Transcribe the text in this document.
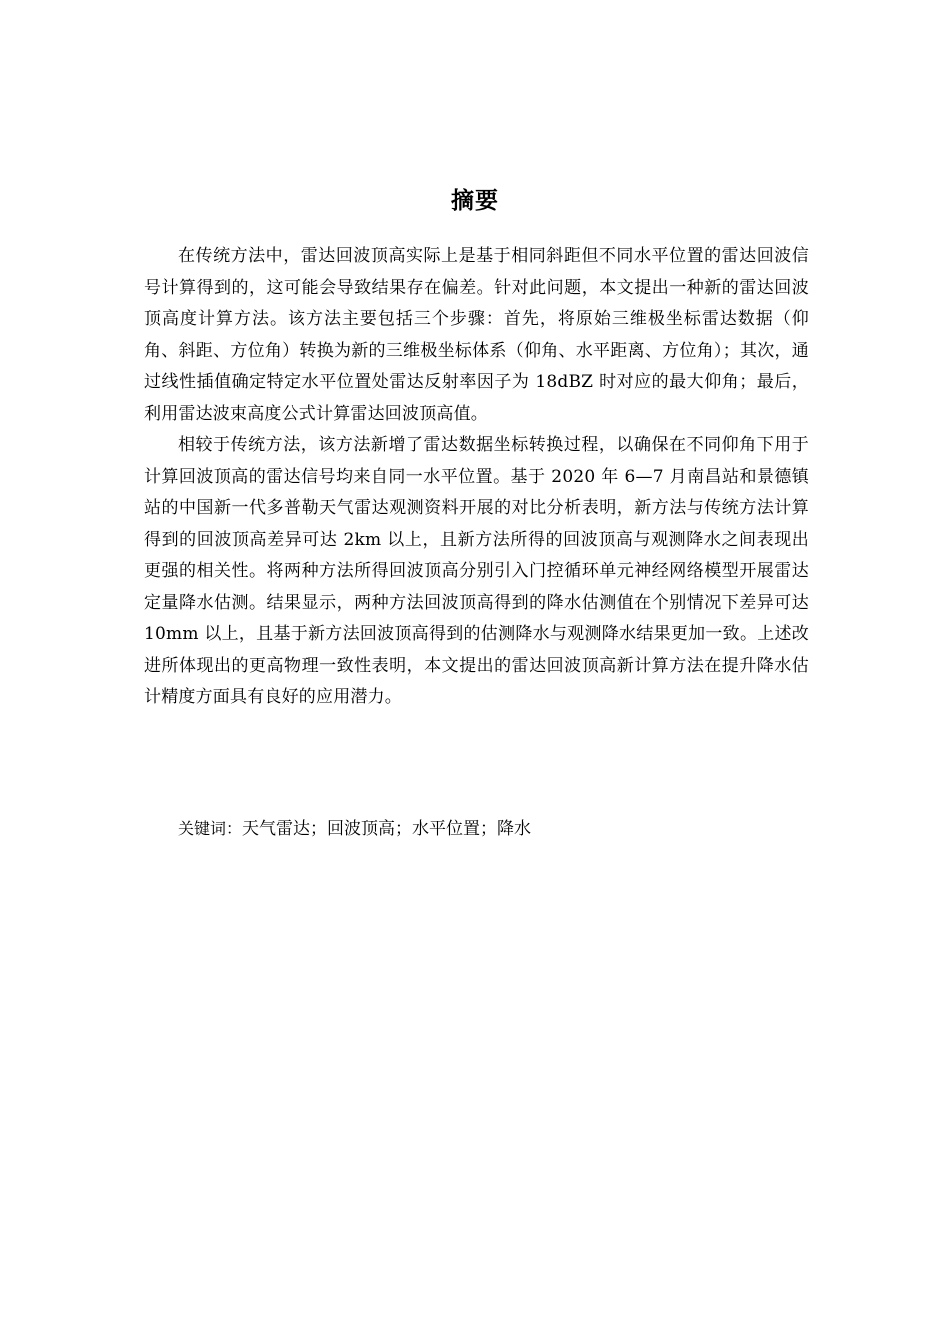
摘要

在传统方法中，雷达回波顶高实际上是基于相同斜距但不同水平位置的雷达回波信号计算得到的，这可能会导致结果存在偏差。针对此问题，本文提出一种新的雷达回波顶高度计算方法。该方法主要包括三个步骤：首先，将原始三维极坐标雷达数据（仰角、斜距、方位角）转换为新的三维极坐标体系（仰角、水平距离、方位角）；其次，通过线性插值确定特定水平位置处雷达反射率因子为 18dBZ 时对应的最大仰角；最后，利用雷达波束高度公式计算雷达回波顶高值。

相较于传统方法，该方法新增了雷达数据坐标转换过程，以确保在不同仰角下用于计算回波顶高的雷达信号均来自同一水平位置。基于 2020 年 6—7 月南昌站和景德镇站的中国新一代多普勒天气雷达观测资料开展的对比分析表明，新方法与传统方法计算得到的回波顶高差异可达 2km 以上，且新方法所得的回波顶高与观测降水之间表现出更强的相关性。将两种方法所得回波顶高分别引入门控循环单元神经网络模型开展雷达定量降水估测。结果显示，两种方法回波顶高得到的降水估测值在个别情况下差异可达 10mm 以上，且基于新方法回波顶高得到的估测降水与观测降水结果更加一致。上述改进所体现出的更高物理一致性表明，本文提出的雷达回波顶高新计算方法在提升降水估计精度方面具有良好的应用潜力。

关键词：天气雷达；回波顶高；水平位置；降水
